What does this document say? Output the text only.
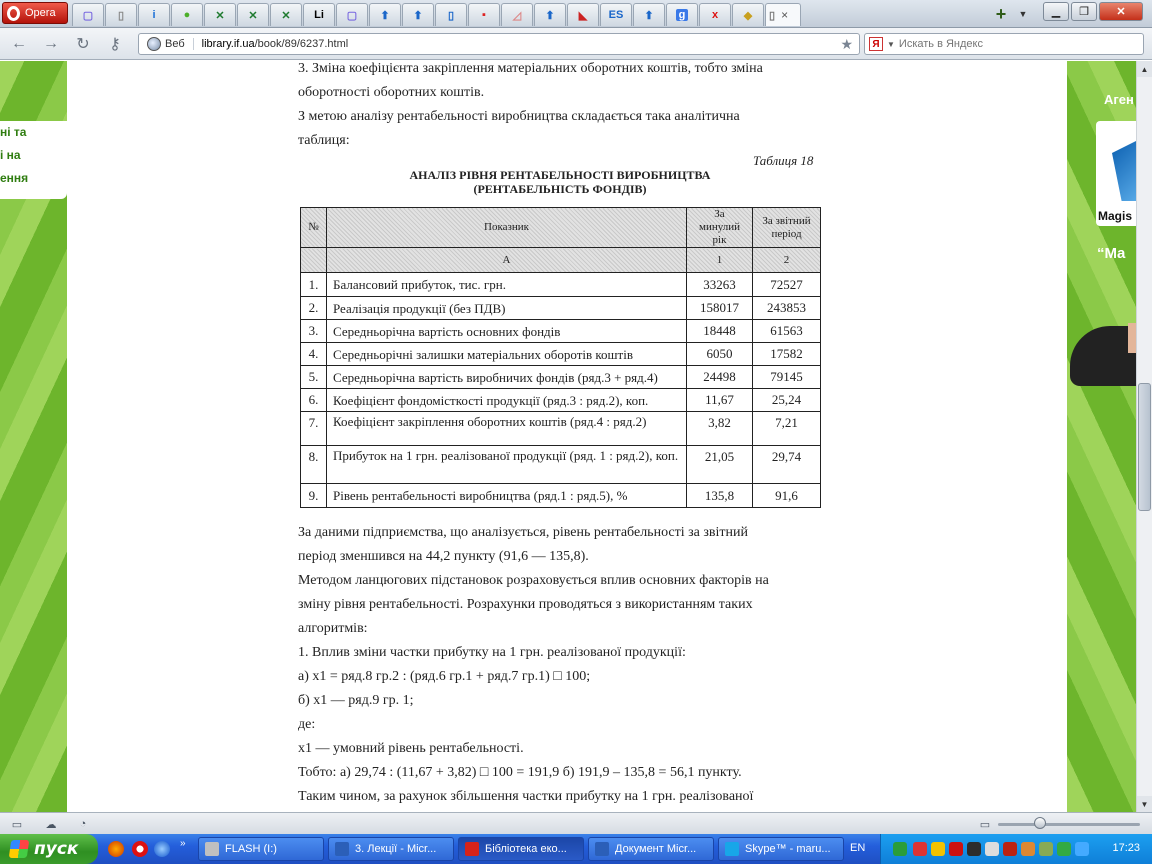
Opera ▢ ▯	i	● ✕ ✕ ✕ Li ▢ ⬆ ⬆ ▯	▪ ◿ ⬆ ◣ ES ⬆ g x ◆ ▯ ×	+	▼	▁	❐	✕
← → ↻	⚷	Веб	library.if.ua/book/89/6237.html	★	Я ▼
Искать в Яндекс
ні та
і на
ення
Аген
Magis
“Ma
3. Зміна коефіцієнта закріплення матеріальних оборотних коштів, тобто зміна
оборотності оборотних коштів.
З метою аналізу рентабельності виробництва складається така аналітична
таблиця:
Таблиця 18
АНАЛІЗ РІВНЯ РЕНТАБЕЛЬНОСТІ ВИРОБНИЦТВА
(РЕНТАБЕЛЬНІСТЬ ФОНДІВ)
№	Показник	За минулий рік	За звітний період
	А	1	2
1.	Балансовий прибуток, тис. грн.	33263	72527
2.	Реалізація продукції (без ПДВ)	158017	243853
3.	Середньорічна вартість основних фондів	18448	61563
4.	Середньорічні залишки матеріальних оборотів коштів	6050	17582
5.	Середньорічна вартість виробничих фондів (ряд.3 + ряд.4)	24498	79145
6.	Коефіцієнт фондомісткості продукції (ряд.3 : ряд.2), коп.	11,67	25,24
7.	Коефіцієнт закріплення оборотних коштів (ряд.4 : ряд.2)	3,82	7,21
8.	Прибуток на 1 грн. реалізованої продукції (ряд. 1 : ряд.2), коп.	21,05	29,74
9.	Рівень рентабельності виробництва (ряд.1 : ряд.5), %	135,8	91,6
За даними підприємства, що аналізується, рівень рентабельності за звітний
період зменшився на 44,2 пункту (91,6 — 135,8).
Методом ланцюгових підстановок розраховується вплив основних факторів на
зміну рівня рентабельності. Розрахунки проводяться з використанням таких
алгоритмів:
1. Вплив зміни частки прибутку на 1 грн. реалізованої продукції:
а) х1 = ряд.8 гр.2 : (ряд.6 гр.1 + ряд.7 гр.1) □ 100;
б) х1 — ряд.9 гр. 1;
де:
х1 — умовний рівень рентабельності.
Тобто: а) 29,74 : (11,67 + 3,82) □ 100 = 191,9 б) 191,9 – 135,8 = 56,1 пункту.
Таким чином, за рахунок збільшення частки прибутку на 1 грн. реалізованої
▲
▼
▭	☁	◔	▭
пуск	»	FLASH (I:)	3. Лекції - Micr...	Бібліотека еко...	Документ Micr...	Skype™ - maru... EN	17:23
